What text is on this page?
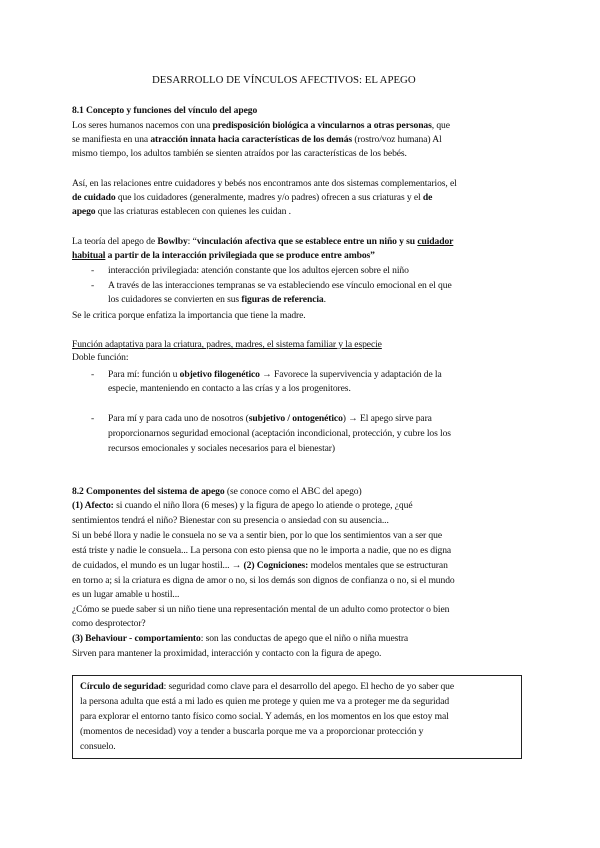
DESARROLLO DE VÍNCULOS AFECTIVOS: EL APEGO
8.1 Concepto y funciones del vínculo del apego
Los seres humanos nacemos con una predisposición biológica a vincularnos a otras personas, que
se manifiesta en una atracción innata hacia características de los demás (rostro/voz humana) Al
mismo tiempo, los adultos también se sienten atraídos por las características de los bebés.
Así, en las relaciones entre cuidadores y bebés nos encontramos ante dos sistemas complementarios, el
de cuidado que los cuidadores (generalmente, madres y/o padres) ofrecen a sus criaturas y el de
apego que las criaturas establecen con quienes les cuidan .
La teoría del apego de Bowlby: “vinculación afectiva que se establece entre un niño y su cuidador
habitual a partir de la interacción privilegiada que se produce entre ambos”
- interacción privilegiada: atención constante que los adultos ejercen sobre el niño
- A través de las interacciones tempranas se va estableciendo ese vínculo emocional en el que
los cuidadores se convierten en sus figuras de referencia.
Se le critica porque enfatiza la importancia que tiene la madre.
Función adaptativa para la criatura, padres, madres, el sistema familiar y la especie
Doble función:
- Para mí: función u objetivo filogenético → Favorece la supervivencia y adaptación de la
especie, manteniendo en contacto a las crías y a los progenitores.
- Para mí y para cada uno de nosotros (subjetivo / ontogenético) → El apego sirve para
proporcionarnos seguridad emocional (aceptación incondicional, protección, y cubre los los
recursos emocionales y sociales necesarios para el bienestar)
8.2 Componentes del sistema de apego (se conoce como el ABC del apego)
(1) Afecto: si cuando el niño llora (6 meses) y la figura de apego lo atiende o protege, ¿qué
sentimientos tendrá el niño? Bienestar con su presencia o ansiedad con su ausencia...
Si un bebé llora y nadie le consuela no se va a sentir bien, por lo que los sentimientos van a ser que
está triste y nadie le consuela... La persona con esto piensa que no le importa a nadie, que no es digna
de cuidados, el mundo es un lugar hostil... → (2) Cogniciones: modelos mentales que se estructuran
en torno a; si la criatura es digna de amor o no, si los demás son dignos de confianza o no, si el mundo
es un lugar amable u hostil...
¿Cómo se puede saber si un niño tiene una representación mental de un adulto como protector o bien
como desprotector?
(3) Behaviour - comportamiento: son las conductas de apego que el niño o niña muestra
Sirven para mantener la proximidad, interacción y contacto con la figura de apego.
Círculo de seguridad: seguridad como clave para el desarrollo del apego. El hecho de yo saber que
la persona adulta que está a mi lado es quien me protege y quien me va a proteger me da seguridad
para explorar el entorno tanto físico como social. Y además, en los momentos en los que estoy mal
(momentos de necesidad) voy a tender a buscarla porque me va a proporcionar protección y
consuelo.
